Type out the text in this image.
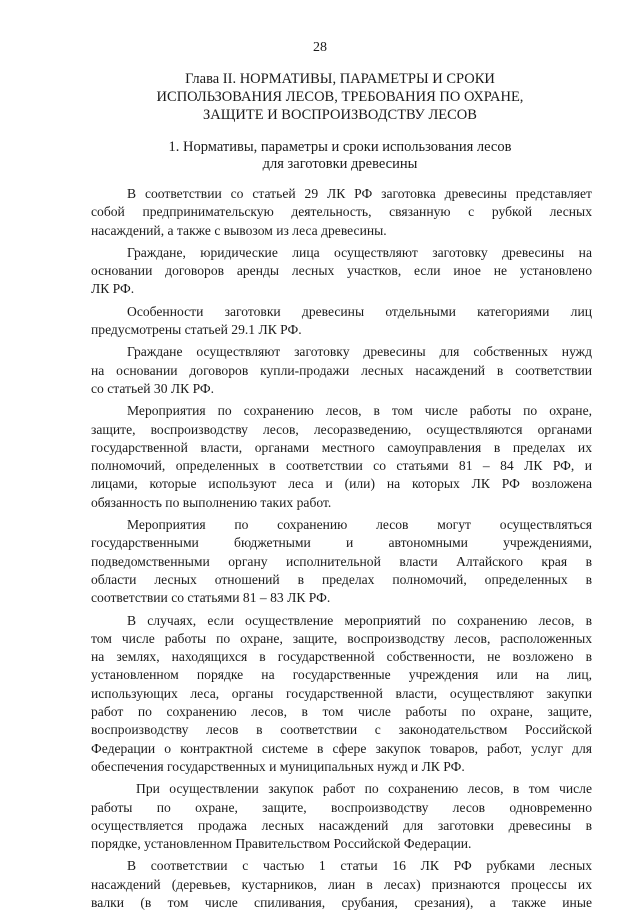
28
Глава II. НОРМАТИВЫ, ПАРАМЕТРЫ И СРОКИ
ИСПОЛЬЗОВАНИЯ ЛЕСОВ, ТРЕБОВАНИЯ ПО ОХРАНЕ,
ЗАЩИТЕ И ВОСПРОИЗВОДСТВУ ЛЕСОВ
1. Нормативы, параметры и сроки использования лесов
для заготовки древесины
В соответствии со статьей 29 ЛК РФ заготовка древесины представляет
собой предпринимательскую деятельность, связанную с рубкой лесных
насаждений, а также с вывозом из леса древесины.
Граждане, юридические лица осуществляют заготовку древесины на
основании договоров аренды лесных участков, если иное не установлено
ЛК РФ.
Особенности заготовки древесины отдельными категориями лиц
предусмотрены статьей 29.1 ЛК РФ.
Граждане осуществляют заготовку древесины для собственных нужд
на основании договоров купли-продажи лесных насаждений в соответствии
со статьей 30 ЛК РФ.
Мероприятия по сохранению лесов, в том числе работы по охране,
защите, воспроизводству лесов, лесоразведению, осуществляются органами
государственной власти, органами местного самоуправления в пределах их
полномочий, определенных в соответствии со статьями 81 – 84 ЛК РФ, и
лицами, которые используют леса и (или) на которых ЛК РФ возложена
обязанность по выполнению таких работ.
Мероприятия по сохранению лесов могут осуществляться
государственными бюджетными и автономными учреждениями,
подведомственными органу исполнительной власти Алтайского края в
области лесных отношений в пределах полномочий, определенных в
соответствии со статьями 81 – 83 ЛК РФ.
В случаях, если осуществление мероприятий по сохранению лесов, в
том числе работы по охране, защите, воспроизводству лесов, расположенных
на землях, находящихся в государственной собственности, не возложено в
установленном порядке на государственные учреждения или на лиц,
использующих леса, органы государственной власти, осуществляют закупки
работ по сохранению лесов, в том числе работы по охране, защите,
воспроизводству лесов в соответствии с законодательством Российской
Федерации о контрактной системе в сфере закупок товаров, работ, услуг для
обеспечения государственных и муниципальных нужд и ЛК РФ.
При осуществлении закупок работ по сохранению лесов, в том числе
работы по охране, защите, воспроизводству лесов одновременно
осуществляется продажа лесных насаждений для заготовки древесины в
порядке, установленном Правительством Российской Федерации.
В соответствии с частью 1 статьи 16 ЛК РФ рубками лесных
насаждений (деревьев, кустарников, лиан в лесах) признаются процессы их
валки (в том числе спиливания, срубания, срезания), а также иные
